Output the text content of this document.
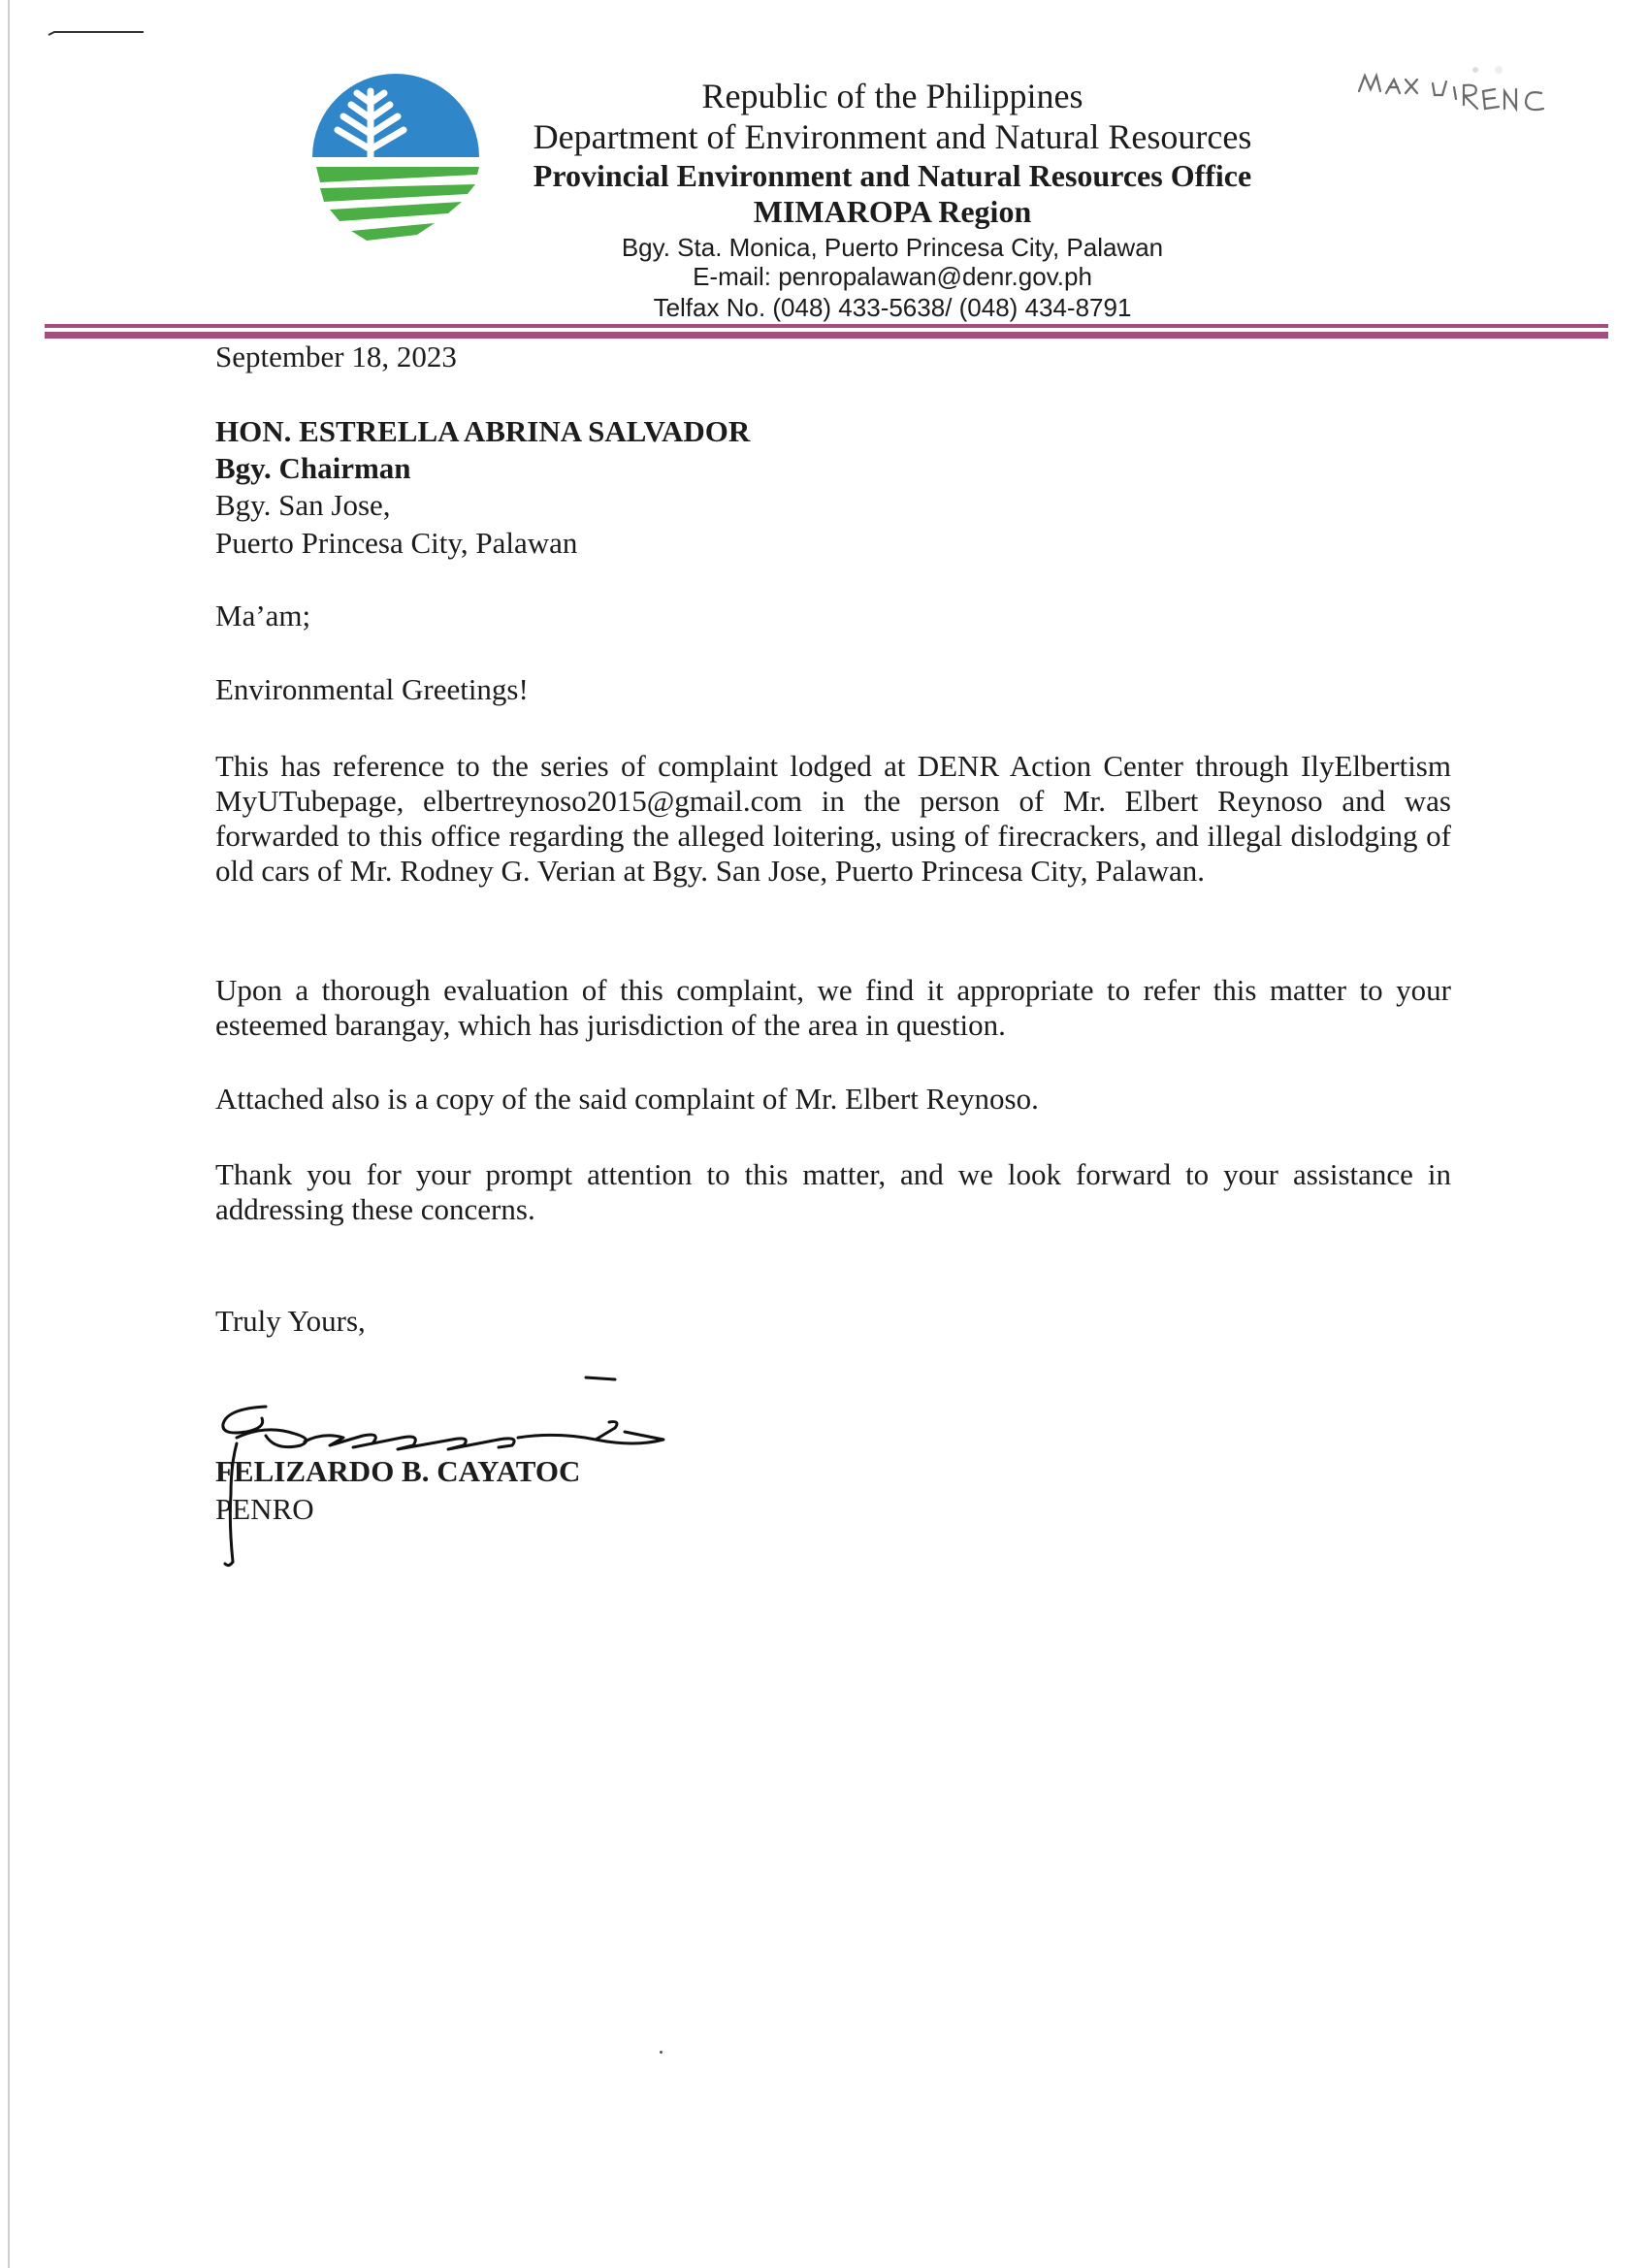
Republic of the Philippines
Department of Environment and Natural Resources
Provincial Environment and Natural Resources Office
MIMAROPA Region
Bgy. Sta. Monica, Puerto Princesa City, Palawan
E-mail: penropalawan@denr.gov.ph
Telfax No. (048) 433-5638/ (048) 434-8791
September 18, 2023
HON. ESTRELLA ABRINA SALVADOR
Bgy. Chairman
Bgy. San Jose,
Puerto Princesa City, Palawan
Ma’am;
Environmental Greetings!

This has reference to the series of complaint lodged at DENR Action Center through IlyElbertism MyUTubepage, elbertreynoso2015@gmail.com in the person of Mr. Elbert Reynoso and was forwarded to this office regarding the alleged loitering, using of firecrackers, and illegal dislodging of old cars of Mr. Rodney G. Verian at Bgy. San Jose, Puerto Princesa City, Palawan.

Upon a thorough evaluation of this complaint, we find it appropriate to refer this matter to your esteemed barangay, which has jurisdiction of the area in question.

Attached also is a copy of the said complaint of Mr. Elbert Reynoso.

Thank you for your prompt attention to this matter, and we look forward to your assistance in addressing these concerns.

Truly Yours,
FELIZARDO B. CAYATOC
PENRO
